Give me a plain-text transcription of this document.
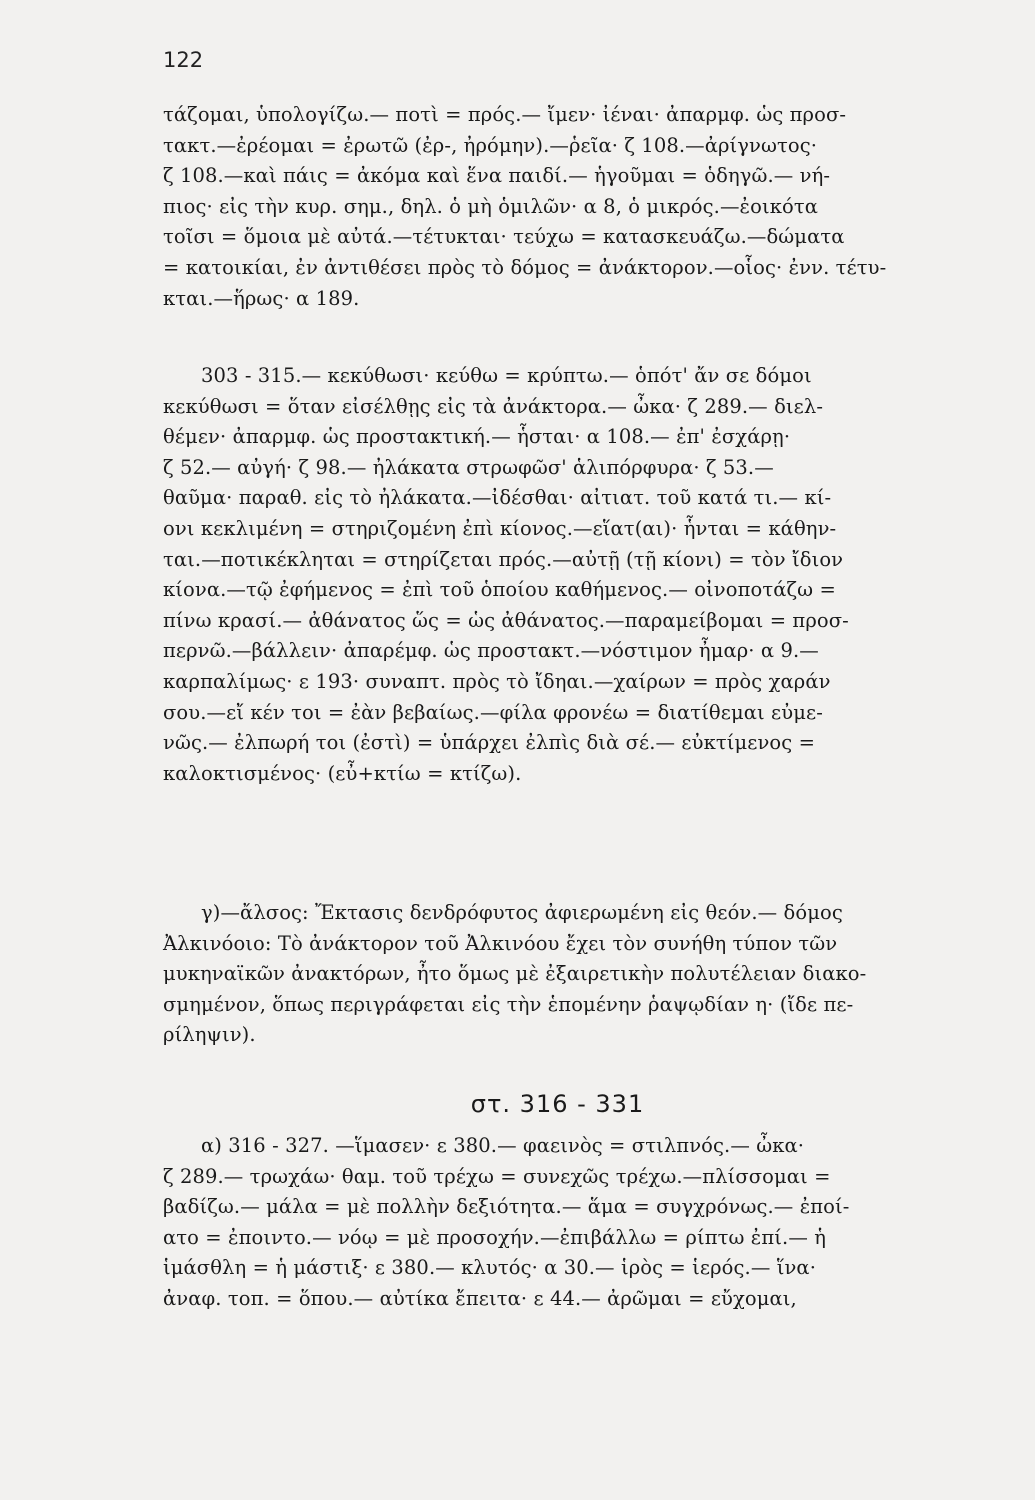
122
τάζομαι, ὑπολογίζω.— ποτὶ = πρός.— ἴμεν· ἰέναι· ἀπαρμφ. ὡς προσ-
τακτ.—ἐρέομαι = ἐρωτῶ (ἐρ-, ἠρόμην).—ῥεῖα· ζ 108.—ἀρίγνωτος·
ζ 108.—καὶ πάις = ἀκόμα καὶ ἕνα παιδί.— ἡγοῦμαι = ὁδηγῶ.— νή-
πιος· εἰς τὴν κυρ. σημ., δηλ. ὁ μὴ ὁμιλῶν· α 8, ὁ μικρός.—ἐοικότα
τοῖσι = ὅμοια μὲ αὐτά.—τέτυκται· τεύχω = κατασκευάζω.—δώματα
= κατοικίαι, ἐν ἀντιθέσει πρὸς τὸ δόμος = ἀνάκτορον.—οἷος· ἐνν. τέτυ-
κται.—ἥρως· α 189.
303 - 315.— κεκύθωσι· κεύθω = κρύπτω.— ὁπότ' ἄν σε δόμοι
κεκύθωσι = ὅταν εἰσέλθῃς εἰς τὰ ἀνάκτορα.— ὦκα· ζ 289.— διελ-
θέμεν· ἀπαρμφ. ὡς προστακτική.— ἧσται· α 108.— ἐπ' ἐσχάρῃ·
ζ 52.— αὐγή· ζ 98.— ἠλάκατα στρωφῶσ' ἁλιπόρφυρα· ζ 53.—
θαῦμα· παραθ. εἰς τὸ ἠλάκατα.—ἰδέσθαι· αἰτιατ. τοῦ κατά τι.— κί-
ονι κεκλιμένη = στηριζομένη ἐπὶ κίονος.—εἵατ(αι)· ἧνται = κάθην-
ται.—ποτικέκληται = στηρίζεται πρός.—αὐτῇ (τῇ κίονι) = τὸν ἴδιον
κίονα.—τῷ ἐφήμενος = ἐπὶ τοῦ ὁποίου καθήμενος.— οἰνοποτάζω =
πίνω κρασί.— ἀθάνατος ὥς = ὡς ἀθάνατος.—παραμείβομαι = προσ-
περνῶ.—βάλλειν· ἀπαρέμφ. ὡς προστακτ.—νόστιμον ἦμαρ· α 9.—
καρπαλίμως· ε 193· συναπτ. πρὸς τὸ ἴδηαι.—χαίρων = πρὸς χαράν
σου.—εἴ κέν τοι = ἐὰν βεβαίως.—φίλα φρονέω = διατίθεμαι εὐμε-
νῶς.— ἐλπωρή τοι (ἐστὶ) = ὑπάρχει ἐλπὶς διὰ σέ.— εὐκτίμενος =
καλοκτισμένος· (εὖ+κτίω = κτίζω).
γ)—ἄλσος: Ἔκτασις δενδρόφυτος ἀφιερωμένη εἰς θεόν.— δόμος
Ἀλκινόοιο: Τὸ ἀνάκτορον τοῦ Ἀλκινόου ἔχει τὸν συνήθη τύπον τῶν
μυκηναϊκῶν ἀνακτόρων, ἦτο ὅμως μὲ ἐξαιρετικὴν πολυτέλειαν διακο-
σμημένον, ὅπως περιγράφεται εἰς τὴν ἑπομένην ῥαψῳδίαν η· (ἴδε πε-
ρίληψιν).
στ. 316 - 331
α) 316 - 327. —ἵμασεν· ε 380.— φαεινὸς = στιλπνός.— ὦκα·
ζ 289.— τρωχάω· θαμ. τοῦ τρέχω = συνεχῶς τρέχω.—πλίσσομαι =
βαδίζω.— μάλα = μὲ πολλὴν δεξιότητα.— ἅμα = συγχρόνως.— ἐποί-
ατο = ἐποιντο.— νόῳ = μὲ προσοχήν.—ἐπιβάλλω = ρίπτω ἐπί.— ἡ
ἱμάσθλη = ἡ μάστιξ· ε 380.— κλυτός· α 30.— ἱρὸς = ἱερός.— ἵνα·
ἀναφ. τοπ. = ὅπου.— αὐτίκα ἔπειτα· ε 44.— ἀρῶμαι = εὔχομαι,
